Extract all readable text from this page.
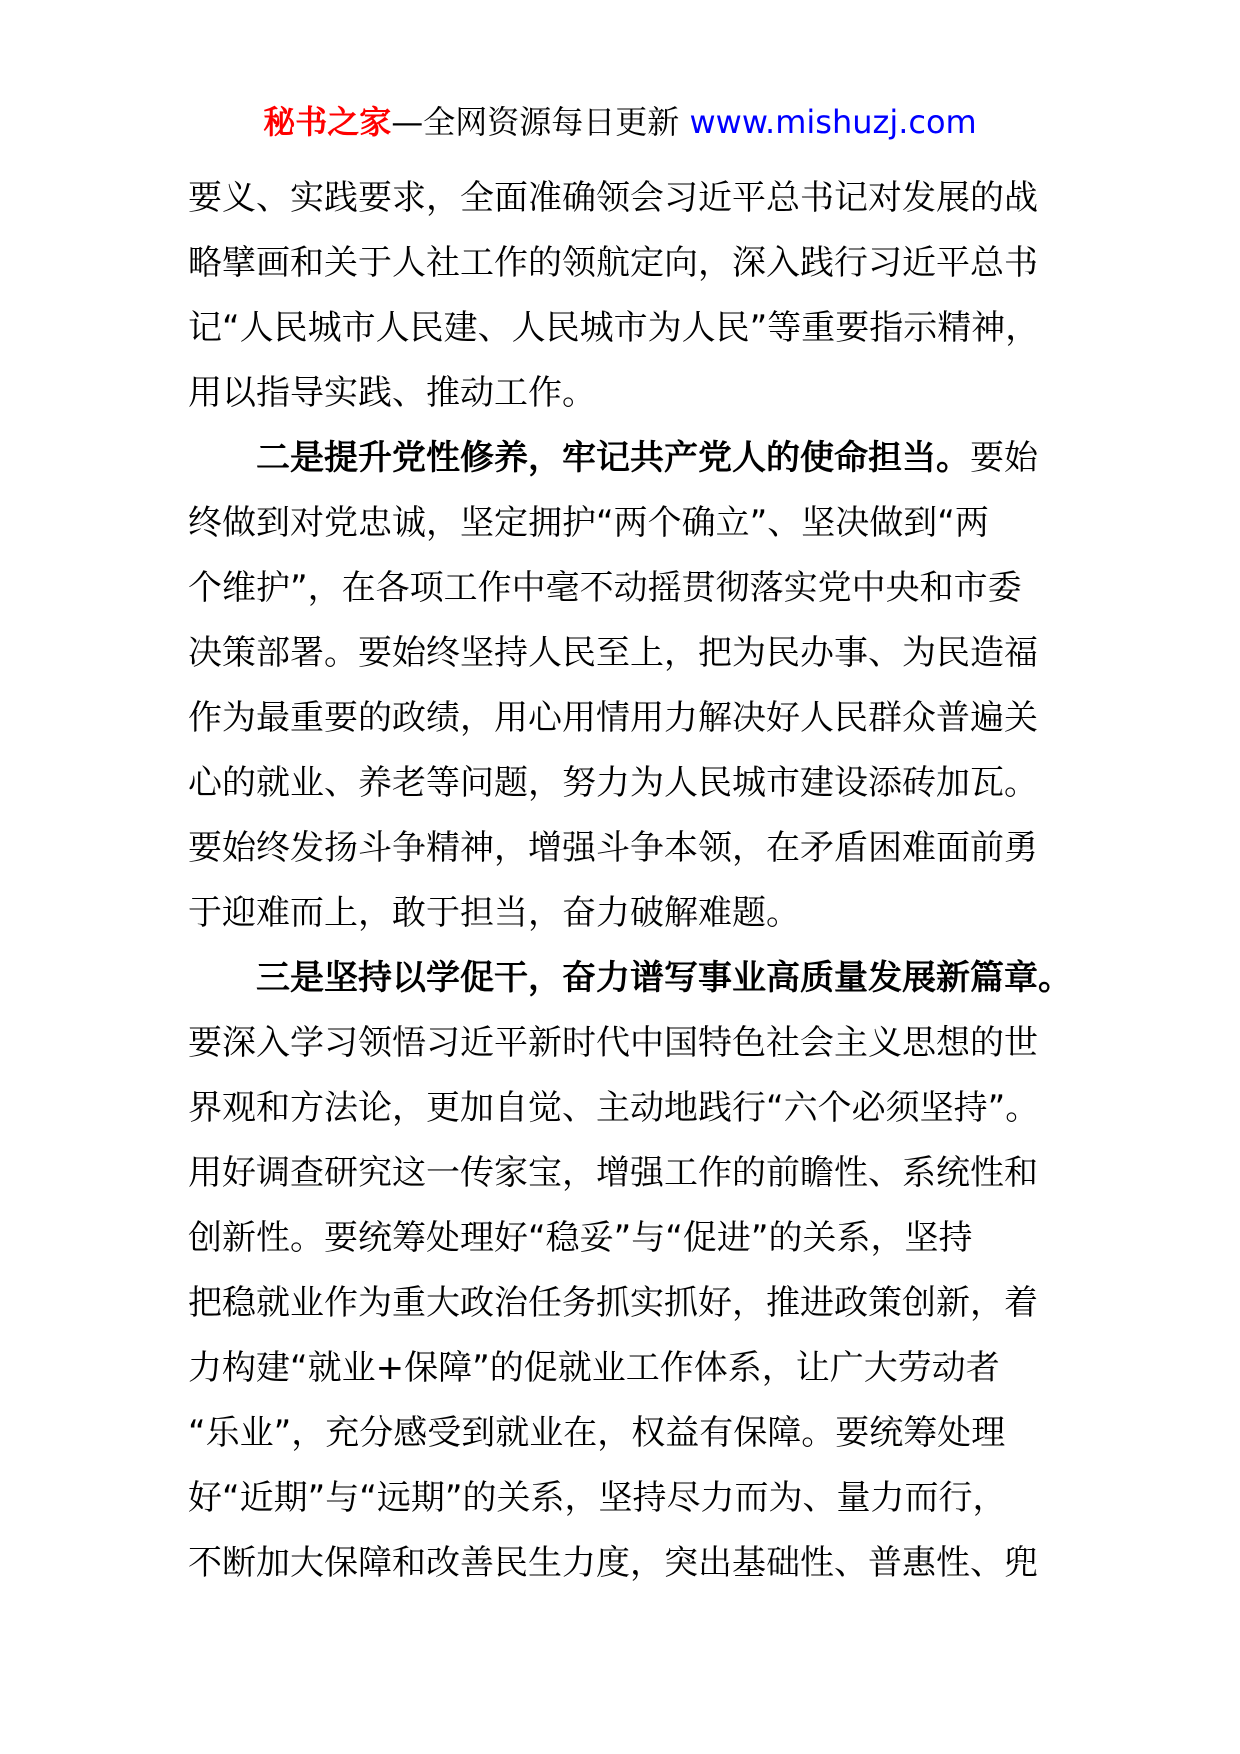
秘书之家—全网资源每日更新 www.mishuzj.com
要义、实践要求，全面准确领会习近平总书记对发展的战
略擘画和关于人社工作的领航定向，深入践行习近平总书
记“人民城市人民建、人民城市为人民”等重要指示精神，
用以指导实践、推动工作。
二是提升党性修养，牢记共产党人的使命担当。要始
终做到对党忠诚，坚定拥护“两个确立”、坚决做到“两
个维护”，在各项工作中毫不动摇贯彻落实党中央和市委
决策部署。要始终坚持人民至上，把为民办事、为民造福
作为最重要的政绩，用心用情用力解决好人民群众普遍关
心的就业、养老等问题，努力为人民城市建设添砖加瓦。
要始终发扬斗争精神，增强斗争本领，在矛盾困难面前勇
于迎难而上，敢于担当，奋力破解难题。
三是坚持以学促干，奋力谱写事业高质量发展新篇章。
要深入学习领悟习近平新时代中国特色社会主义思想的世
界观和方法论，更加自觉、主动地践行“六个必须坚持”。
用好调查研究这一传家宝，增强工作的前瞻性、系统性和
创新性。要统筹处理好“稳妥”与“促进”的关系，坚持
把稳就业作为重大政治任务抓实抓好，推进政策创新，着
力构建“就业+保障”的促就业工作体系，让广大劳动者
“乐业”，充分感受到就业在，权益有保障。要统筹处理
好“近期”与“远期”的关系，坚持尽力而为、量力而行，
不断加大保障和改善民生力度，突出基础性、普惠性、兜
